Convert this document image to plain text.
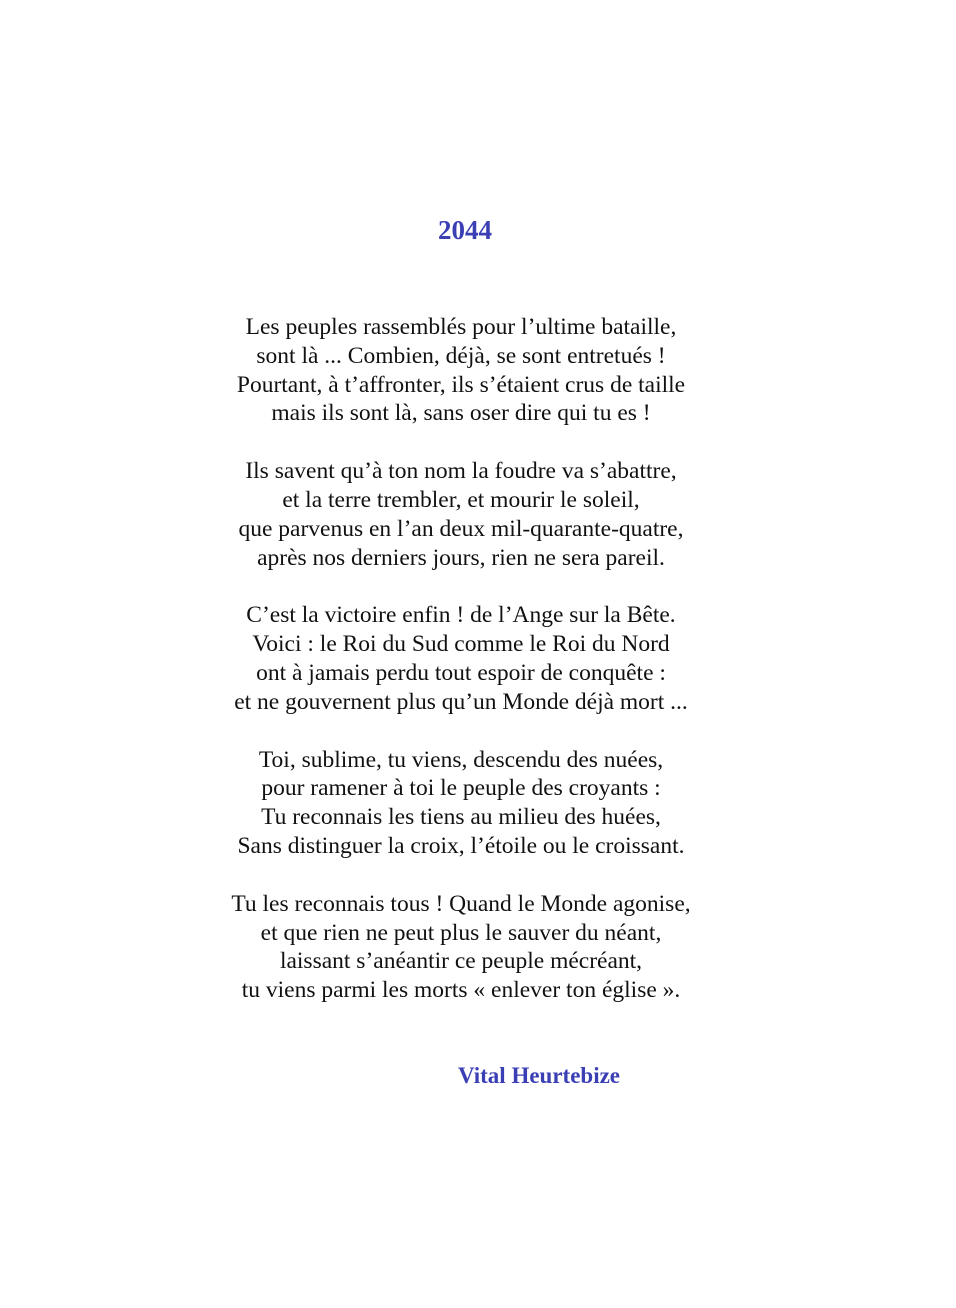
2044
Les peuples rassemblés pour l’ultime bataille,
sont là ... Combien, déjà, se sont entretués !
Pourtant, à t’affronter, ils s’étaient crus de taille
mais ils sont là, sans oser dire qui tu es !
Ils savent qu’à ton nom la foudre va s’abattre,
et la terre trembler, et mourir le soleil,
que parvenus en l’an deux mil-quarante-quatre,
après nos derniers jours, rien ne sera pareil.
C’est la victoire enfin ! de l’Ange sur la Bête.
Voici : le Roi du Sud comme le Roi du Nord
ont à jamais perdu tout espoir de conquête :
et ne gouvernent plus qu’un Monde déjà mort ...
Toi, sublime, tu viens, descendu des nuées,
pour ramener à toi le peuple des croyants :
Tu reconnais les tiens au milieu des huées,
Sans distinguer la croix, l’étoile ou le croissant.
Tu les reconnais tous ! Quand le Monde agonise,
et que rien ne peut plus le sauver du néant,
laissant s’anéantir ce peuple mécréant,
tu viens parmi les morts « enlever ton église ».

Vital Heurtebize
